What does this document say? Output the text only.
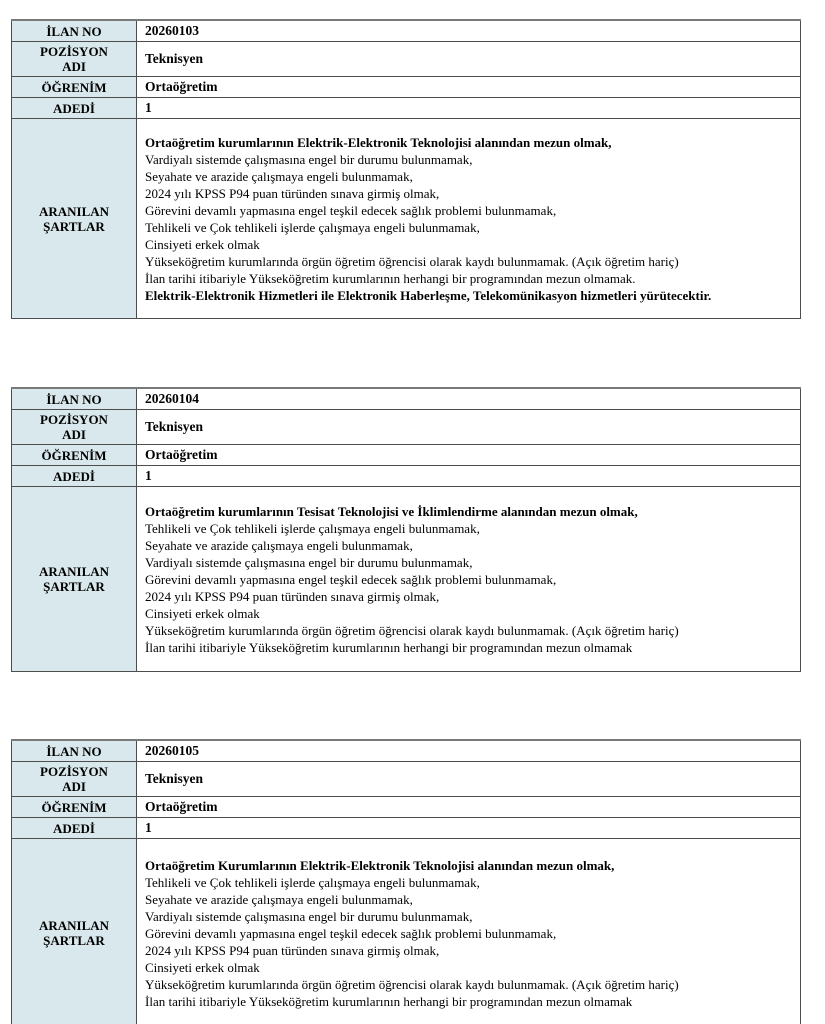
İLAN NO	20260103
POZİSYON ADI	Teknisyen
ÖĞRENİM	Ortaöğretim
ADEDİ	1
ARANILAN ŞARTLAR	
Ortaöğretim kurumlarının Elektrik-Elektronik Teknolojisi alanından mezun olmak,
Vardiyalı sistemde çalışmasına engel bir durumu bulunmamak,
Seyahate ve arazide çalışmaya engeli bulunmamak,
2024 yılı KPSS P94 puan türünden sınava girmiş olmak,
Görevini devamlı yapmasına engel teşkil edecek sağlık problemi bulunmamak,
Tehlikeli ve Çok tehlikeli işlerde çalışmaya engeli bulunmamak,
Cinsiyeti erkek olmak
Yükseköğretim kurumlarında örgün öğretim öğrencisi olarak kaydı bulunmamak. (Açık öğretim hariç)
İlan tarihi itibariyle Yükseköğretim kurumlarının herhangi bir programından mezun olmamak.
Elektrik-Elektronik Hizmetleri ile Elektronik Haberleşme, Telekomünikasyon hizmetleri yürütecektir.
İLAN NO	20260104
POZİSYON ADI	Teknisyen
ÖĞRENİM	Ortaöğretim
ADEDİ	1
ARANILAN ŞARTLAR	
Ortaöğretim kurumlarının Tesisat Teknolojisi ve İklimlendirme alanından mezun olmak,
Tehlikeli ve Çok tehlikeli işlerde çalışmaya engeli bulunmamak,
Seyahate ve arazide çalışmaya engeli bulunmamak,
Vardiyalı sistemde çalışmasına engel bir durumu bulunmamak,
Görevini devamlı yapmasına engel teşkil edecek sağlık problemi bulunmamak,
2024 yılı KPSS P94 puan türünden sınava girmiş olmak,
Cinsiyeti erkek olmak
Yükseköğretim kurumlarında örgün öğretim öğrencisi olarak kaydı bulunmamak. (Açık öğretim hariç)
İlan tarihi itibariyle Yükseköğretim kurumlarının herhangi bir programından mezun olmamak
İLAN NO	20260105
POZİSYON ADI	Teknisyen
ÖĞRENİM	Ortaöğretim
ADEDİ	1
ARANILAN ŞARTLAR	
Ortaöğretim Kurumlarının Elektrik-Elektronik Teknolojisi alanından mezun olmak,
Tehlikeli ve Çok tehlikeli işlerde çalışmaya engeli bulunmamak,
Seyahate ve arazide çalışmaya engeli bulunmamak,
Vardiyalı sistemde çalışmasına engel bir durumu bulunmamak,
Görevini devamlı yapmasına engel teşkil edecek sağlık problemi bulunmamak,
2024 yılı KPSS P94 puan türünden sınava girmiş olmak,
Cinsiyeti erkek olmak
Yükseköğretim kurumlarında örgün öğretim öğrencisi olarak kaydı bulunmamak. (Açık öğretim hariç)
İlan tarihi itibariyle Yükseköğretim kurumlarının herhangi bir programından mezun olmamak
